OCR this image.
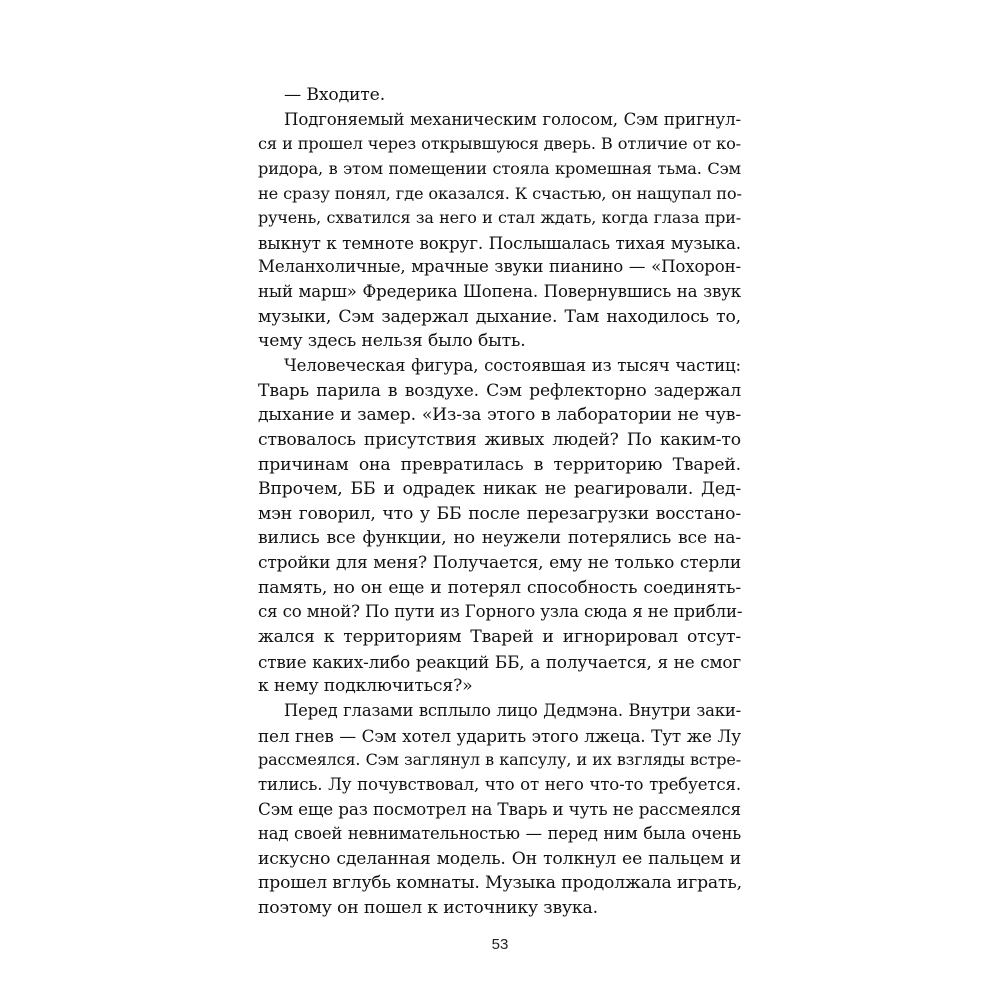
— Входите.
Подгоняемый механическим голосом, Сэм пригнул-
ся и прошел через открывшуюся дверь. В отличие от ко-
ридора, в этом помещении стояла кромешная тьма. Сэм
не сразу понял, где оказался. К счастью, он нащупал по-
ручень, схватился за него и стал ждать, когда глаза при-
выкнут к темноте вокруг. Послышалась тихая музыка.
Меланхоличные, мрачные звуки пианино — «Похорон-
ный марш» Фредерика Шопена. Повернувшись на звук
музыки, Сэм задержал дыхание. Там находилось то,
чему здесь нельзя было быть.
Человеческая фигура, состоявшая из тысяч частиц:
Тварь парила в воздухе. Сэм рефлекторно задержал
дыхание и замер. «Из-за этого в лаборатории не чув-
ствовалось присутствия живых людей? По каким-то
причинам она превратилась в территорию Тварей.
Впрочем, ББ и одрадек никак не реагировали. Дед-
мэн говорил, что у ББ после перезагрузки восстано-
вились все функции, но неужели потерялись все на-
стройки для меня? Получается, ему не только стерли
память, но он еще и потерял способность соединять-
ся со мной? По пути из Горного узла сюда я не прибли-
жался к территориям Тварей и игнорировал отсут-
ствие каких-либо реакций ББ, а получается, я не смог
к нему подключиться?»
Перед глазами всплыло лицо Дедмэна. Внутри заки-
пел гнев — Сэм хотел ударить этого лжеца. Тут же Лу
рассмеялся. Сэм заглянул в капсулу, и их взгляды встре-
тились. Лу почувствовал, что от него что-то требуется.
Сэм еще раз посмотрел на Тварь и чуть не рассмеялся
над своей невнимательностью — перед ним была очень
искусно сделанная модель. Он толкнул ее пальцем и
прошел вглубь комнаты. Музыка продолжала играть,
поэтому он пошел к источнику звука.
53
